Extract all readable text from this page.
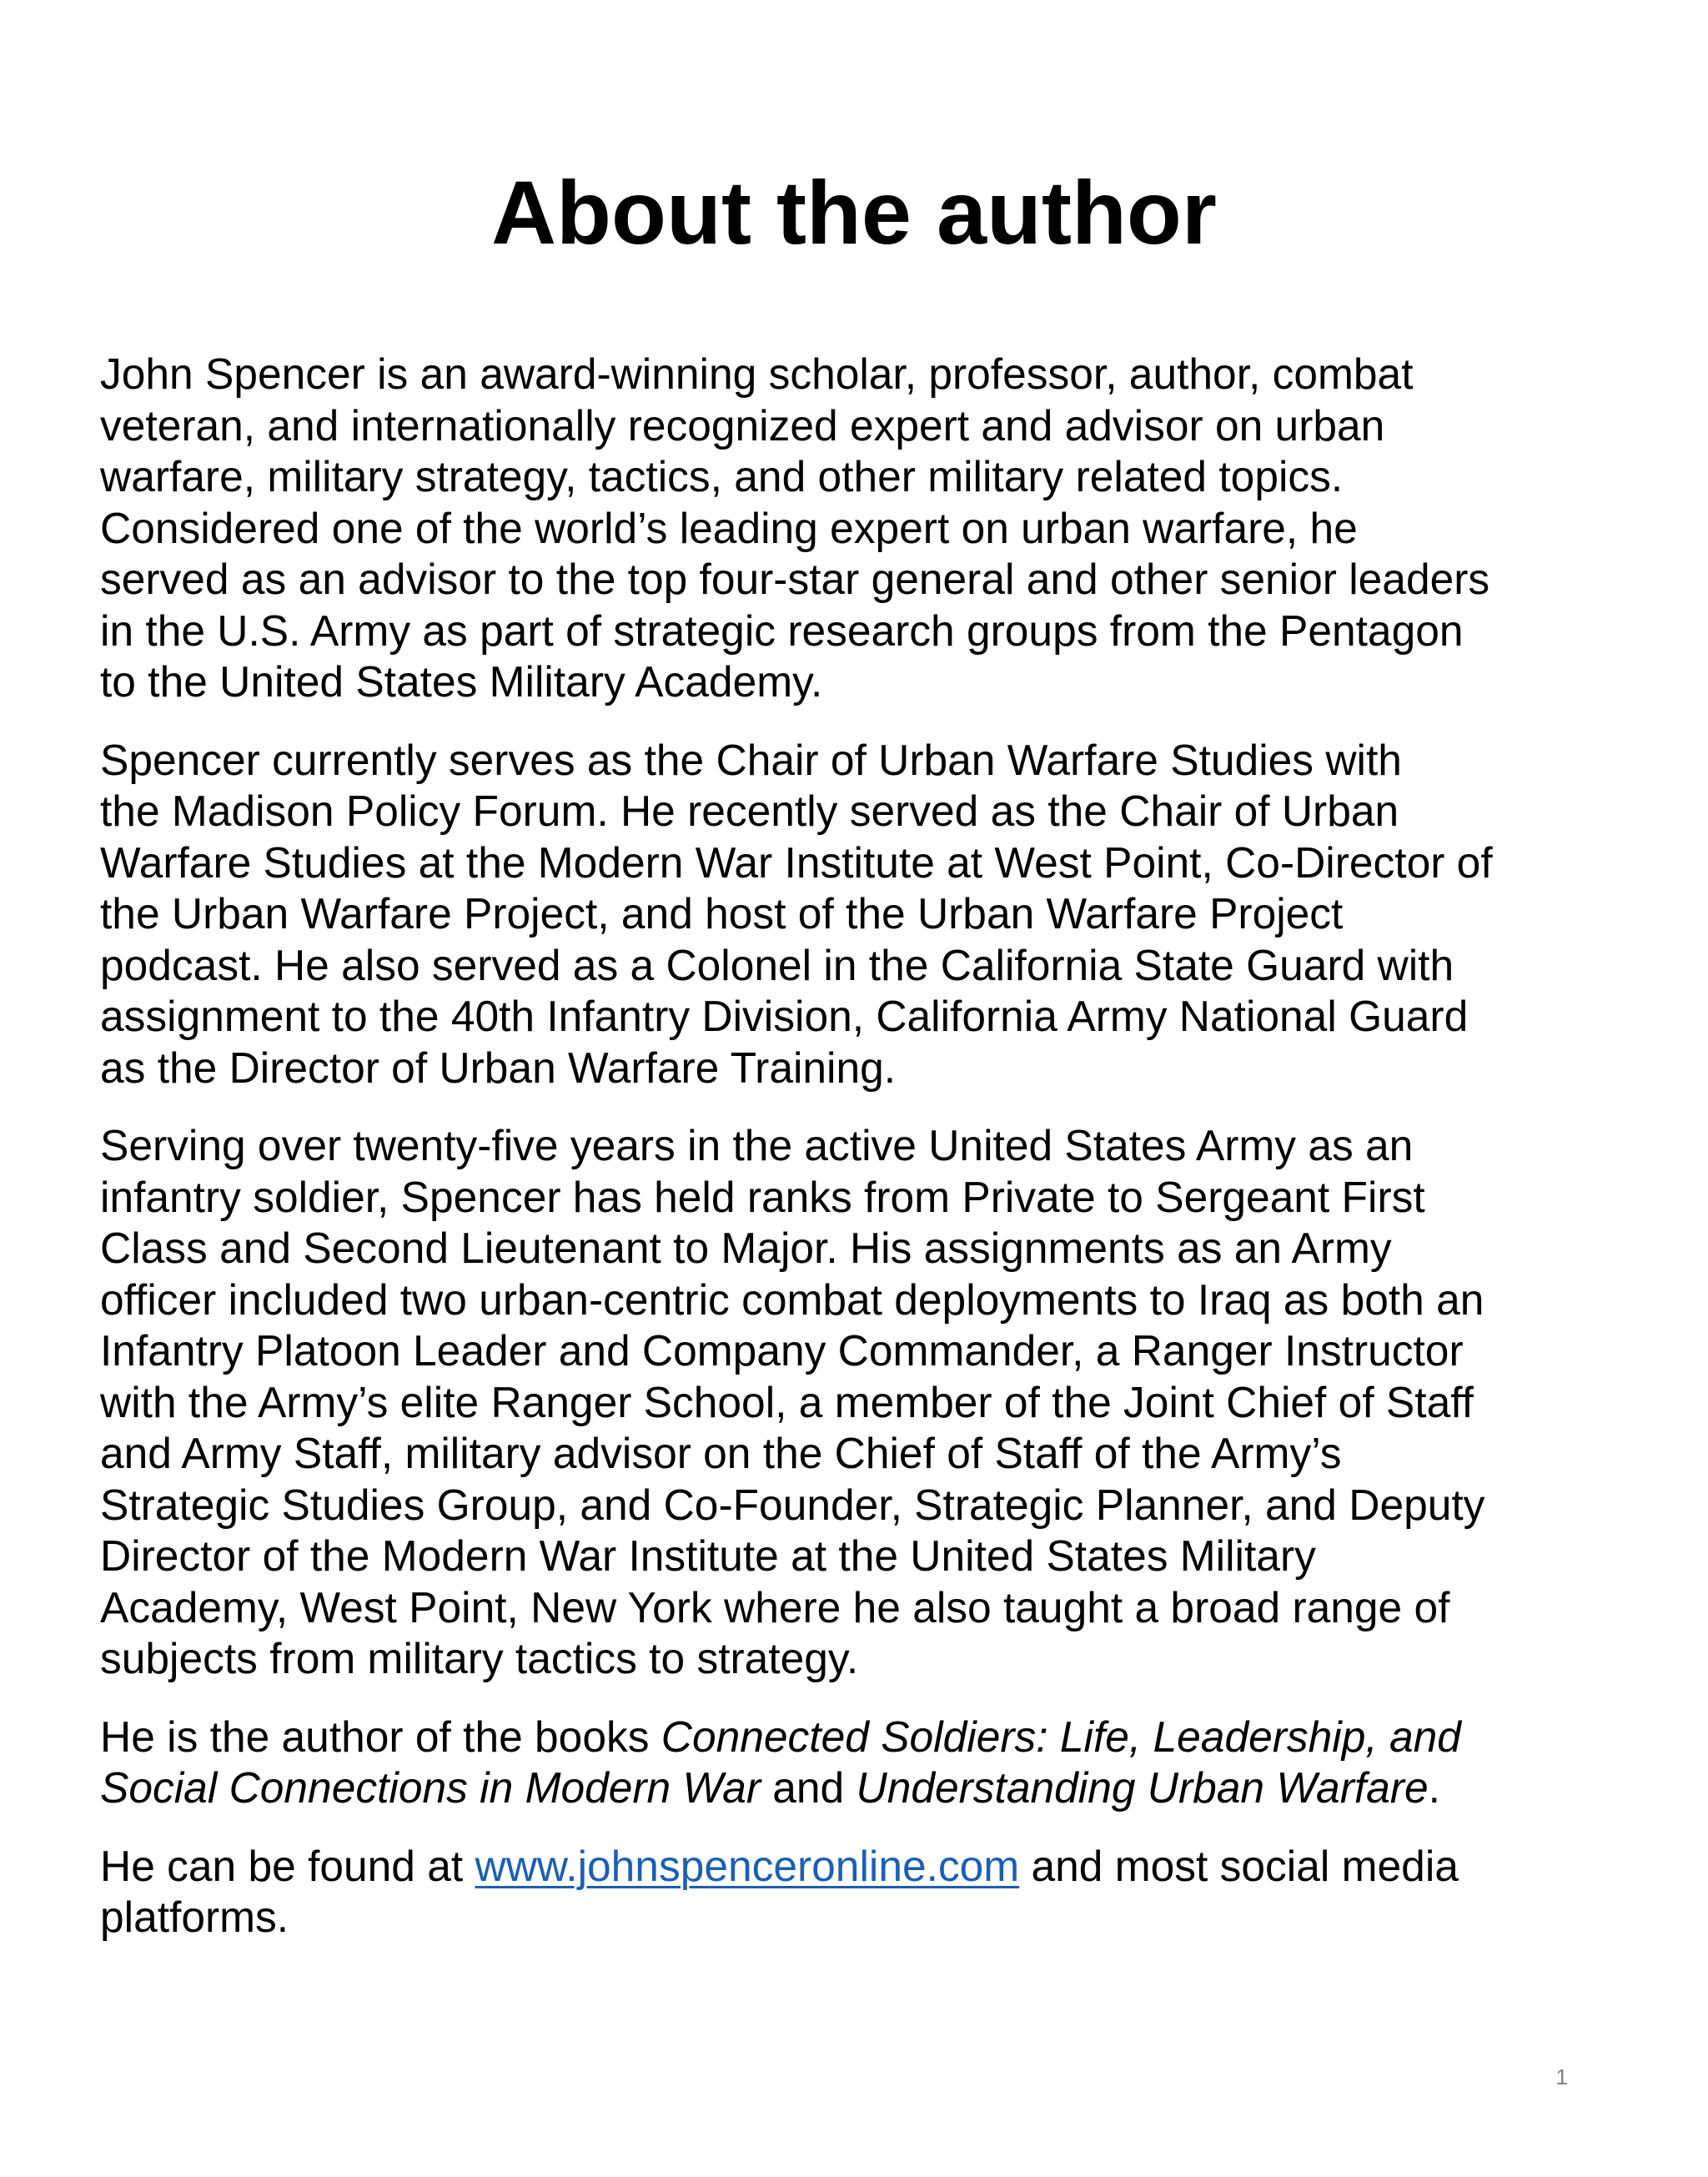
About the author

John Spencer is an award-winning scholar, professor, author, combat
veteran, and internationally recognized expert and advisor on urban
warfare, military strategy, tactics, and other military related topics.
Considered one of the world’s leading expert on urban warfare, he
served as an advisor to the top four-star general and other senior leaders
in the U.S. Army as part of strategic research groups from the Pentagon
to the United States Military Academy.

Spencer currently serves as the Chair of Urban Warfare Studies with
the Madison Policy Forum. He recently served as the Chair of Urban
Warfare Studies at the Modern War Institute at West Point, Co-Director of
the Urban Warfare Project, and host of the Urban Warfare Project
podcast. He also served as a Colonel in the California State Guard with
assignment to the 40th Infantry Division, California Army National Guard
as the Director of Urban Warfare Training.

Serving over twenty-five years in the active United States Army as an
infantry soldier, Spencer has held ranks from Private to Sergeant First
Class and Second Lieutenant to Major. His assignments as an Army
officer included two urban-centric combat deployments to Iraq as both an
Infantry Platoon Leader and Company Commander, a Ranger Instructor
with the Army’s elite Ranger School, a member of the Joint Chief of Staff
and Army Staff, military advisor on the Chief of Staff of the Army’s
Strategic Studies Group, and Co-Founder, Strategic Planner, and Deputy
Director of the Modern War Institute at the United States Military
Academy, West Point, New York where he also taught a broad range of
subjects from military tactics to strategy.

He is the author of the books Connected Soldiers: Life, Leadership, and
Social Connections in Modern War and Understanding Urban Warfare.

He can be found at www.johnspenceronline.com and most social media
platforms.

1
